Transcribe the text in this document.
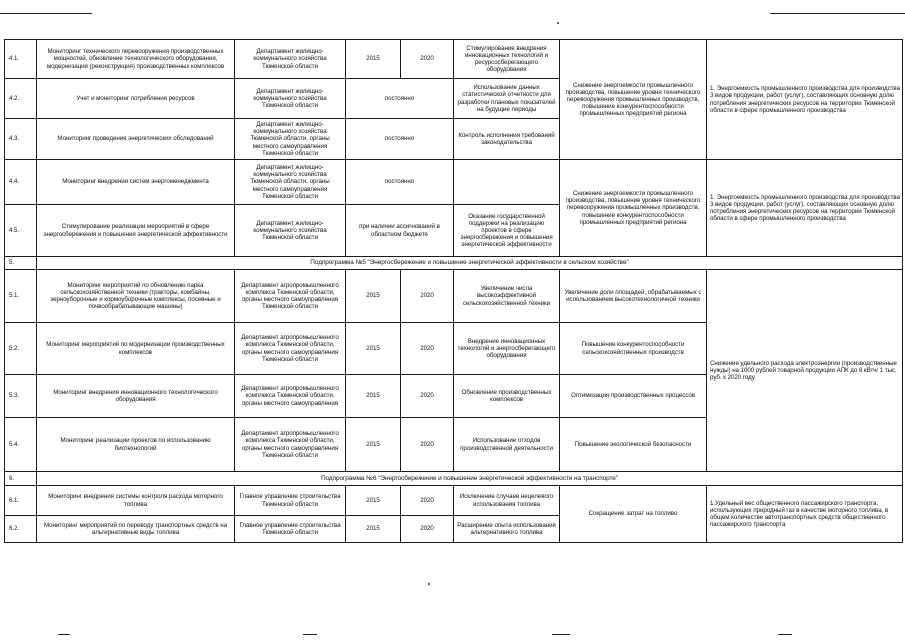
4.1.	Мониторинг технического перевооружения производственных мощностей, обновление технологического оборудования, модернизация (реконструкция) производственных комплексов	Департамент жилищно-коммунального хозяйства Тюменской области	2015	2020	Стимулирование внедрения инновационных технологий и ресурсосберегающего оборудования	Снижение энергоемкости промышленного производства, повышение уровня технического перевооружения промышленных производств, повышение конкурентоспособности промышленных предприятий региона	1. Энергоемкость промышленного производства для производства 3 видов продукции, работ (услуг), составляющих основную долю потребления энергетических ресурсов на территории Тюменской области в сфере промышленного производства
4.2.	Учет и мониторинг потребления ресурсов	Департамент жилищно-коммунального хозяйства Тюменской области	постоянно		Использование данных статистической отчетности для разработки плановых показателей на будущие периоды		
4.3.	Мониторинг проведения энергетических обследований	Департамент жилищно-коммунального хозяйства Тюменской области, органы местного самоуправления Тюменской области	постоянно		Контроль исполнения требований законодательства		
4.4.	Мониторинг внедрения систем энергоменеджмента	Департамент жилищно-коммунального хозяйства Тюменской области, органы местного самоуправления Тюменской области	постоянно			Снижение энергоемкости промышленного производства, повышение уровня технического перевооружения промышленных производств, повышение конкурентоспособности промышленных предприятий региона	1. Энергоемкость промышленного производства для производства 3 видов продукции, работ (услуг), составляющих основную долю потребления энергетических ресурсов на территории Тюменской области в сфере промышленного производства
4.5.	Стимулирование реализации мероприятий в сфере энергосбережения и повышения энергетической эффективности	Департамент жилищно-коммунального хозяйства Тюменской области	при наличии ассигнований в областном бюджете		Оказание государственной поддержки на реализацию проектов в сфере энергосбережения и повышения энергетической эффективности		
5.	Подпрограмма №5 "Энергосбережение и повышение энергетической эффективности в сельском хозяйстве"						
5.1.	Мониторинг мероприятий по обновлению парка сельскохозяйственной техники (тракторы, комбайны, зерноуборочные и кормоуборочные комплексы, посевные и почвообрабатывающие машины)	Департамент агропромышленного комплекса Тюменской области, органы местного самоуправления Тюменской области	2015	2020	Увеличение числа высокоэффективной сельскохозяйственной техники	Увеличение доли площадей, обрабатываемых с использованием высокотехнологичной техники	Снижение удельного расхода электроэнергии (производственные нужды) на 1000 рублей товарной продукции АПК до 8 кВтч/ 1 тыс. руб. к 2020 году.
5.2.	Мониторинг мероприятий по модернизации производственных комплексов	Департамент агропромышленного комплекса Тюменской области, органы местного самоуправления Тюменской области	2015	2020	Внедрение инновационных технологий и энергосберегающего оборудования	Повышение конкурентоспособности сельскохозяйственных производств	
5.3.	Мониторинг внедрения инновационного технологического оборудования	Департамент агропромышленного комплекса Тюменской области, органы местного самоуправления	2015	2020	Обновление производственных комплексов	Оптимизация производственных процессов	
5.4.	Мониторинг реализации проектов по использованию биотехнологий	Департамент агропромышленного комплекса Тюменской области, органы местного самоуправления Тюменской области	2015	2020	Использование отходов производственной деятельности	Повышение экологической безопасности	
6.	Подпрограмма №6 "Энергосбережение и повышение энергетической эффективности на транспорте"						
6.1.	Мониторинг внедрения системы контроля расхода моторного топлива	Главное управление строительства Тюменской области	2015	2020	Исключение случаев нецелевого использования топлива	Сокращение затрат на топливо	1.Удельный вес общественного пассажирского транспорта, использующих природный газ в качестве моторного топлива, в общем количестве автотранспортных средств общественного пассажирского транспорта
6.2.	Мониторинг мероприятий по переводу транспортных средств на альтернативные виды топлива	Главное управление строительства Тюменской области	2015	2020	Расширение опыта использования альтернативного топлива		
